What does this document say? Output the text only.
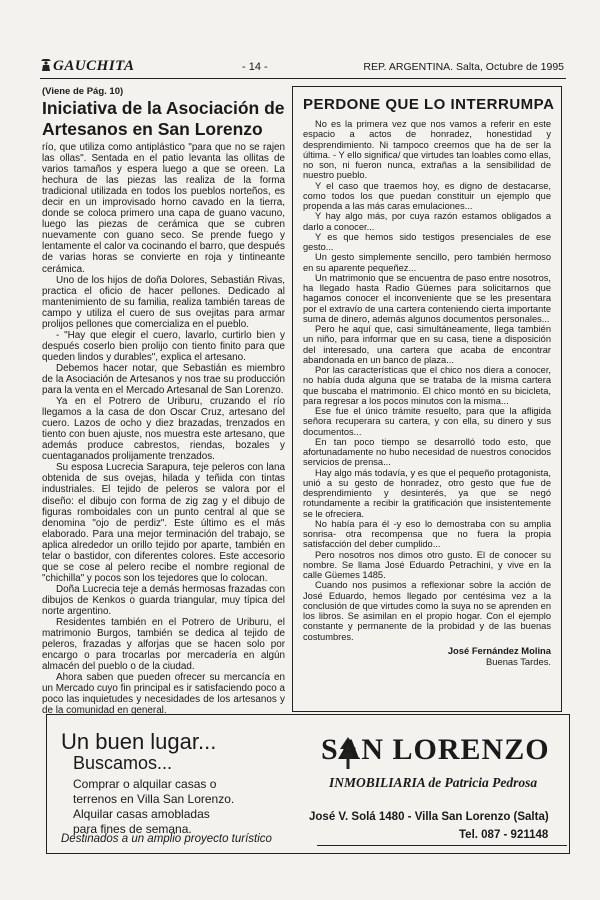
GAUCHITA	- 14 -	REP. ARGENTINA. Salta, Octubre de 1995
(Viene de Pág. 10)
Iniciativa de la Asociación de Artesanos en San Lorenzo

río, que utiliza como antiplástico "para que no se rajen las ollas". Sentada en el patio levanta las ollitas de varios tamaños y espera luego a que se oreen. La hechura de las piezas las realiza de la forma tradicional utilizada en todos los pueblos norteños, es decir en un improvisado horno cavado en la tierra, donde se coloca primero una capa de guano vacuno, luego las piezas de cerámica que se cubren nuevamente con guano seco. Se prende fuego y lentamente el calor va cocinando el barro, que después de varias horas se convierte en roja y tintineante cerámica.

Uno de los hijos de doña Dolores, Sebastián Rivas, practica el oficio de hacer pellones. Dedicado al mantenimiento de su familia, realiza también tareas de campo y utiliza el cuero de sus ovejitas para armar prolijos pellones que comercializa en el pueblo.

- "Hay que elegir el cuero, lavarlo, curtirlo bien y después coserlo bien prolijo con tiento finito para que queden lindos y durables", explica el artesano.

Debemos hacer notar, que Sebastián es miembro de la Asociación de Artesanos y nos trae su producción para la venta en el Mercado Artesanal de San Lorenzo.

Ya en el Potrero de Uriburu, cruzando el río llegamos a la casa de don Oscar Cruz, artesano del cuero. Lazos de ocho y diez brazadas, trenzados en tiento con buen ajuste, nos muestra este artesano, que además produce cabrestos, riendas, bozales y cuentaganados prolijamente trenzados.

Su esposa Lucrecia Sarapura, teje peleros con lana obtenida de sus ovejas, hilada y teñida con tintas industriales. El tejido de peleros se valora por el diseño: el dibujo con forma de zig zag y el dibujo de figuras romboidales con un punto central al que se denomina "ojo de perdiz". Este último es el más elaborado. Para una mejor terminación del trabajo, se aplica alrededor un orillo tejido por aparte, también en telar o bastidor, con diferentes colores. Este accesorio que se cose al pelero recibe el nombre regional de "chichilla" y pocos son los tejedores que lo colocan.

Doña Lucrecia teje a demás hermosas frazadas con dibujos de Kenkos o guarda triangular, muy típica del norte argentino.

Residentes también en el Potrero de Uriburu, el matrimonio Burgos, también se dedica al tejido de peleros, frazadas y alforjas que se hacen solo por encargo o para trocarlas por mercadería en algún almacén del pueblo o de la ciudad.

Ahora saben que pueden ofrecer su mercancía en un Mercado cuyo fin principal es ir satisfaciendo poco a poco las inquietudes y necesidades de los artesanos y de la comunidad en general.

PERDONE QUE LO INTERRUMPA

No es la primera vez que nos vamos a referir en este espacio a actos de honradez, honestidad y desprendimiento. Ni tampoco creemos que ha de ser la última. - Y ello significa/ que virtudes tan loables como ellas, no son, ni fueron nunca, extrañas a la sensibilidad de nuestro pueblo.

Y el caso que traemos hoy, es digno de destacarse, como todos los que puedan constituir un ejemplo que propenda a las más caras emulaciones...

Y hay algo más, por cuya razón estamos obligados a darlo a conocer...

Y es que hemos sido testigos presenciales de ese gesto...

Un gesto simplemente sencillo, pero también hermoso en su aparente pequeñez...

Un matrimonio que se encuentra de paso entre nosotros, ha llegado hasta Radio Güemes para solicitarnos que hagamos conocer el inconveniente que se les presentara por el extravío de una cartera conteniendo cierta importante suma de dinero, además algunos documentos personales...

Pero he aquí que, casi simultáneamente, llega también un niño, para informar que en su casa, tiene a disposición del interesado, una cartera que acaba de encontrar abandonada en un banco de plaza...

Por las características que el chico nos diera a conocer, no había duda alguna que se trataba de la misma cartera que buscaba el matrimonio. El chico montó en su bicicleta, para regresar a los pocos minutos con la misma...

Ese fue el único trámite resuelto, para que la afligida señora recuperara su cartera, y con ella, su dinero y sus documentos...

En tan poco tiempo se desarrolló todo esto, que afortunadamente no hubo necesidad de nuestros conocidos servicios de prensa...

Hay algo más todavía, y es que el pequeño protagonista, unió a su gesto de honradez, otro gesto que fue de desprendimiento y desinterés, ya que se negó rotundamente a recibir la gratificación que insistentemente se le ofreciera.

No había para él -y eso lo demostraba con su amplia sonrisa- otra recompensa que no fuera la propia satisfacción del deber cumplido...

Pero nosotros nos dimos otro gusto. El de conocer su nombre. Se llama José Eduardo Petrachini, y vive en la calle Güemes 1485.

Cuando nos pusimos a reflexionar sobre la acción de José Eduardo, hemos llegado por centésima vez a la conclusión de que virtudes como la suya no se aprenden en los libros. Se asimilan en el propio hogar. Con el ejemplo constante y permanente de la probidad y de las buenas costumbres.

José Fernández Molina
Buenas Tardes.
Un buen lugar...
Buscamos...
Comprar o alquilar casas o
terrenos en Villa San Lorenzo.
Alquilar casas amobladas
para fines de semana.
Destinados a un amplio proyecto turístico
SAN LORENZO
INMOBILIARIA de Patricia Pedrosa
José V. Solá 1480 - Villa San Lorenzo (Salta)
Tel. 087 - 921148
